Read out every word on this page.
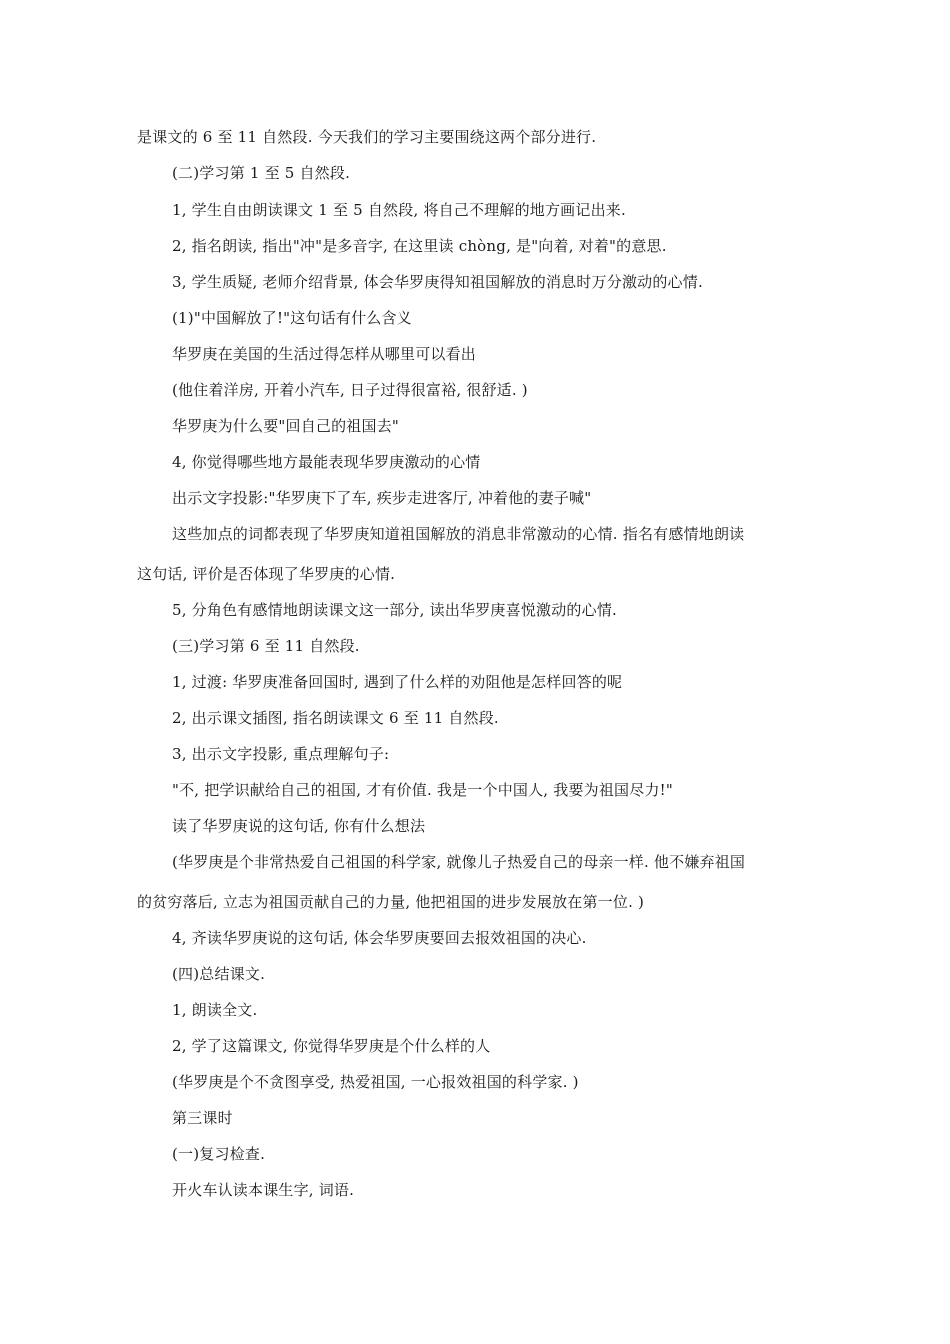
是课文的 6 至 11 自然段. 今天我们的学习主要围绕这两个部分进行.
(二)学习第 1 至 5 自然段.
1, 学生自由朗读课文 1 至 5 自然段, 将自己不理解的地方画记出来.
2, 指名朗读, 指出"冲"是多音字, 在这里读 chòng, 是"向着, 对着"的意思.
3, 学生质疑, 老师介绍背景, 体会华罗庚得知祖国解放的消息时万分激动的心情.
(1)"中国解放了!"这句话有什么含义
华罗庚在美国的生活过得怎样从哪里可以看出
(他住着洋房, 开着小汽车, 日子过得很富裕, 很舒适. )
华罗庚为什么要"回自己的祖国去"
4, 你觉得哪些地方最能表现华罗庚激动的心情
出示文字投影:"华罗庚下了车, 疾步走进客厅, 冲着他的妻子喊"
这些加点的词都表现了华罗庚知道祖国解放的消息非常激动的心情. 指名有感情地朗读
这句话, 评价是否体现了华罗庚的心情.
5, 分角色有感情地朗读课文这一部分, 读出华罗庚喜悦激动的心情.
(三)学习第 6 至 11 自然段.
1, 过渡: 华罗庚准备回国时, 遇到了什么样的劝阻他是怎样回答的呢
2, 出示课文插图, 指名朗读课文 6 至 11 自然段.
3, 出示文字投影, 重点理解句子:
"不, 把学识献给自己的祖国, 才有价值. 我是一个中国人, 我要为祖国尽力!"
读了华罗庚说的这句话, 你有什么想法
(华罗庚是个非常热爱自己祖国的科学家, 就像儿子热爱自己的母亲一样. 他不嫌弃祖国
的贫穷落后, 立志为祖国贡献自己的力量, 他把祖国的进步发展放在第一位. )
4, 齐读华罗庚说的这句话, 体会华罗庚要回去报效祖国的决心.
(四)总结课文.
1, 朗读全文.
2, 学了这篇课文, 你觉得华罗庚是个什么样的人
(华罗庚是个不贪图享受, 热爱祖国, 一心报效祖国的科学家. )
第三课时
(一)复习检查.
开火车认读本课生字, 词语.
